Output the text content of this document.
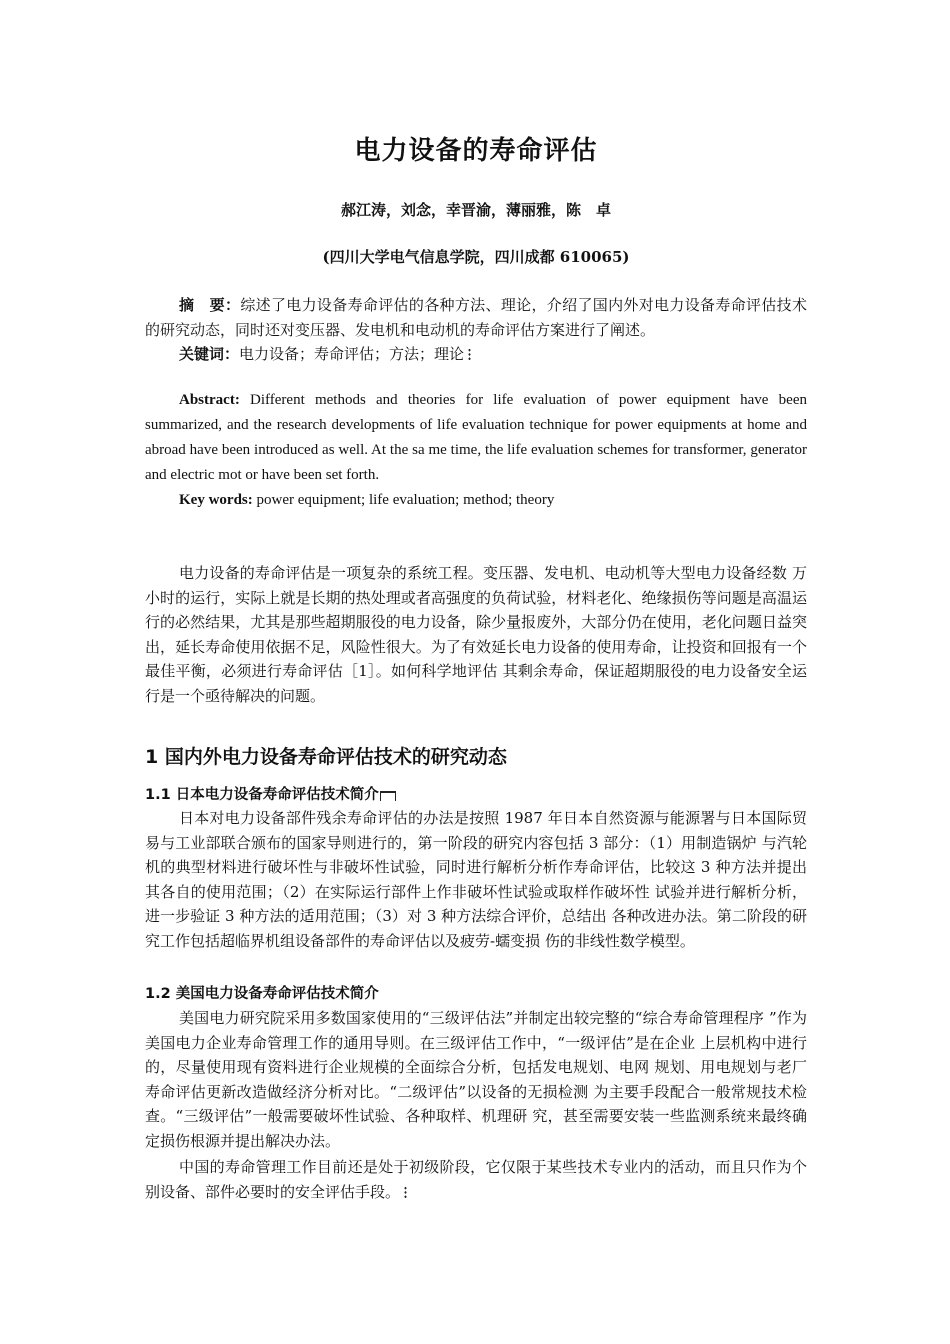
电力设备的寿命评估
郝江涛，刘念，幸晋渝，薄丽雅，陈　卓
(四川大学电气信息学院，四川成都 610065)
摘　要：综述了电力设备寿命评估的各种方法、理论，介绍了国内外对电力设备寿命评估技术的研究动态，同时还对变压器、发电机和电动机的寿命评估方案进行了阐述。
关键词：电力设备；寿命评估；方法；理论
Abstract: Different methods and theories for life evaluation of power equipment have been summarized, and the research developments of life evaluation technique for power equipments at home and abroad have been introduced as well. At the sa me time, the life evaluation schemes for transformer, generator and electric mot or have been set forth.
Key words: power equipment; life evaluation; method; theory
电力设备的寿命评估是一项复杂的系统工程。变压器、发电机、电动机等大型电力设备经数 万小时的运行，实际上就是长期的热处理或者高强度的负荷试验，材料老化、绝缘损伤等问题是高温运行的必然结果，尤其是那些超期服役的电力设备，除少量报废外，大部分仍在使用，老化问题日益突出，延长寿命使用依据不足，风险性很大。为了有效延长电力设备的使用寿命，让投资和回报有一个最佳平衡，必须进行寿命评估［1］。如何科学地评估 其剩余寿命，保证超期服役的电力设备安全运行是一个亟待解决的问题。
1 国内外电力设备寿命评估技术的研究动态
1.1 日本电力设备寿命评估技术简介
日本对电力设备部件残余寿命评估的办法是按照 1987 年日本自然资源与能源署与日本国际贸 易与工业部联合颁布的国家导则进行的，第一阶段的研究内容包括 3 部分：（1）用制造锅炉 与汽轮机的典型材料进行破坏性与非破坏性试验，同时进行解析分析作寿命评估，比较这 3 种方法并提出其各自的使用范围；（2）在实际运行部件上作非破坏性试验或取样作破坏性 试验并进行解析分析，进一步验证 3 种方法的适用范围；（3）对 3 种方法综合评价，总结出 各种改进办法。第二阶段的研究工作包括超临界机组设备部件的寿命评估以及疲劳-蠕变损 伤的非线性数学模型。
1.2 美国电力设备寿命评估技术简介
美国电力研究院采用多数国家使用的“三级评估法”并制定出较完整的“综合寿命管理程序 ”作为美国电力企业寿命管理工作的通用导则。在三级评估工作中，“一级评估”是在企业 上层机构中进行的，尽量使用现有资料进行企业规模的全面综合分析，包括发电规划、电网 规划、用电规划与老厂寿命评估更新改造做经济分析对比。“二级评估”以设备的无损检测 为主要手段配合一般常规技术检查。“三级评估”一般需要破坏性试验、各种取样、机理研 究，甚至需要安装一些监测系统来最终确定损伤根源并提出解决办法。
中国的寿命管理工作目前还是处于初级阶段，它仅限于某些技术专业内的活动，而且只作为个别设备、部件必要时的安全评估手段。
